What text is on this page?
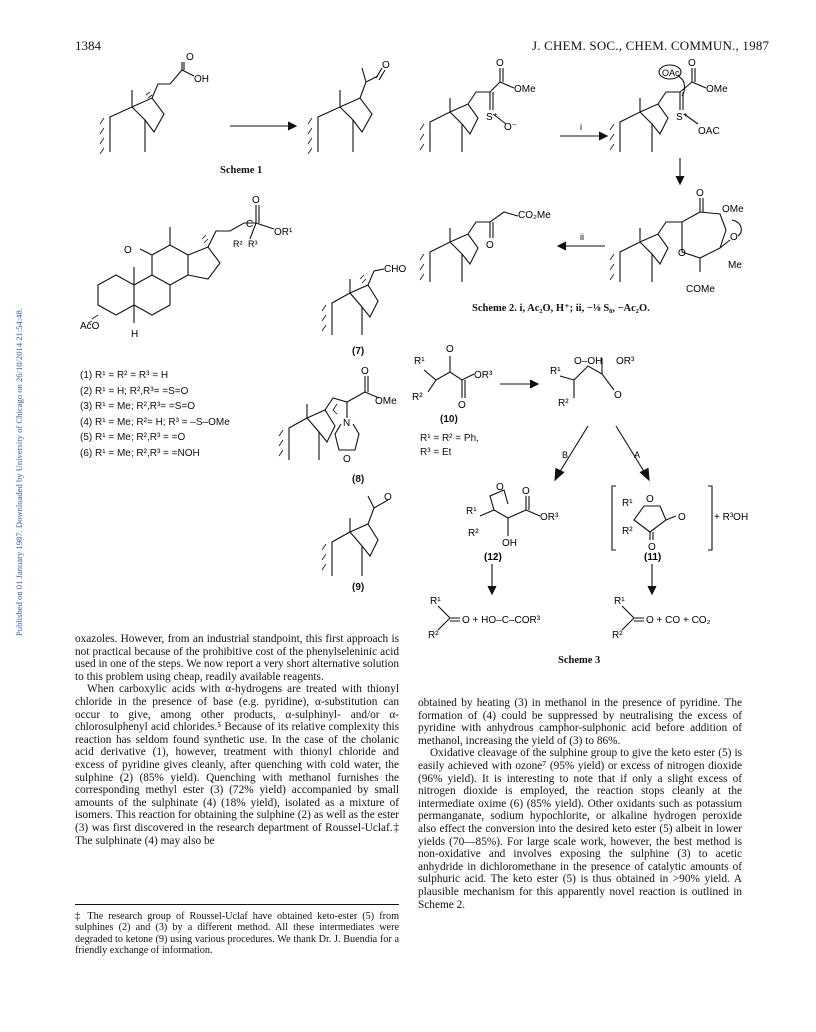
1384	J. CHEM. SOC., CHEM. COMMUN., 1987
Published on 01 January 1987. Downloaded by University of Chicago on 26/10/2014 21:54:48.
O
OH
O
Scheme 1
O
OMe
S⁺
O⁻	i
OAc
O
OMe
S⁺
OAC
O
OMe
O
O
Me
COMe
ii
CO₂Me
O
Scheme 2. i, Ac₂O, H⁺; ii, −⅛ S₈, −Ac₂O.
O
O
OR¹
C
R² R³
AcO
H
(1) R¹ = R² = R³ = H
(2) R¹ = H; R²,R³= =S=O
(3) R¹ = Me; R²,R³= =S=O
(4) R¹ = Me; R²= H; R³ = –S–OMe
(5) R¹ = Me; R²,R³ = =O
(6) R¹ = Me; R²,R³ = =NOH
CHO
(7)
O
OMe
N
O
(8)
O
(9)
R¹
R²
O
OR³
O
R¹
R²
O–OH OR³
O
B	A
R¹
R²
O
O
O
+ R³OH
R¹
R²
O O
OH
OR³
(12)	(11)
R¹
R²
O + HO–C–COR³
R¹
R²
O + CO + CO₂
(10)
R¹ = R² = Ph,
R³ = Et
Scheme 3

oxazoles. However, from an industrial standpoint, this first approach is not practical because of the prohibitive cost of the phenylseleninic acid used in one of the steps. We now report a very short alternative solution to this problem using cheap, readily available reagents.

When carboxylic acids with α-hydrogens are treated with thionyl chloride in the presence of base (e.g. pyridine), α-substitution can occur to give, among other products, α-sulphinyl- and/or α-chlorosulphenyl acid chlorides.⁵ Because of its relative complexity this reaction has seldom found synthetic use. In the case of the cholanic acid derivative (1), however, treatment with thionyl chloride and excess of pyridine gives cleanly, after quenching with cold water, the sulphine (2) (85% yield). Quenching with methanol furnishes the corresponding methyl ester (3) (72% yield) accompanied by small amounts of the sulphinate (4) (18% yield), isolated as a mixture of isomers. This reaction for obtaining the sulphine (2) as well as the ester (3) was first discovered in the research department of Roussel-Uclaf.‡ The sulphinate (4) may also be

‡ The research group of Roussel-Uclaf have obtained keto-ester (5) from sulphines (2) and (3) by a different method. All these intermediates were degraded to ketone (9) using various procedures. We thank Dr. J. Buendia for a friendly exchange of information.

obtained by heating (3) in methanol in the presence of pyridine. The formation of (4) could be suppressed by neutralising the excess of pyridine with anhydrous camphor-sulphonic acid before addition of methanol, increasing the yield of (3) to 86%.

Oxidative cleavage of the sulphine group to give the keto ester (5) is easily achieved with ozone⁷ (95% yield) or excess of nitrogen dioxide (96% yield). It is interesting to note that if only a slight excess of nitrogen dioxide is employed, the reaction stops cleanly at the intermediate oxime (6) (85% yield). Other oxidants such as potassium permanganate, sodium hypochlorite, or alkaline hydrogen peroxide also effect the conversion into the desired keto ester (5) albeit in lower yields (70—85%). For large scale work, however, the best method is non-oxidative and involves exposing the sulphine (3) to acetic anhydride in dichloromethane in the presence of catalytic amounts of sulphuric acid. The keto ester (5) is thus obtained in >90% yield. A plausible mechanism for this apparently novel reaction is outlined in Scheme 2.
